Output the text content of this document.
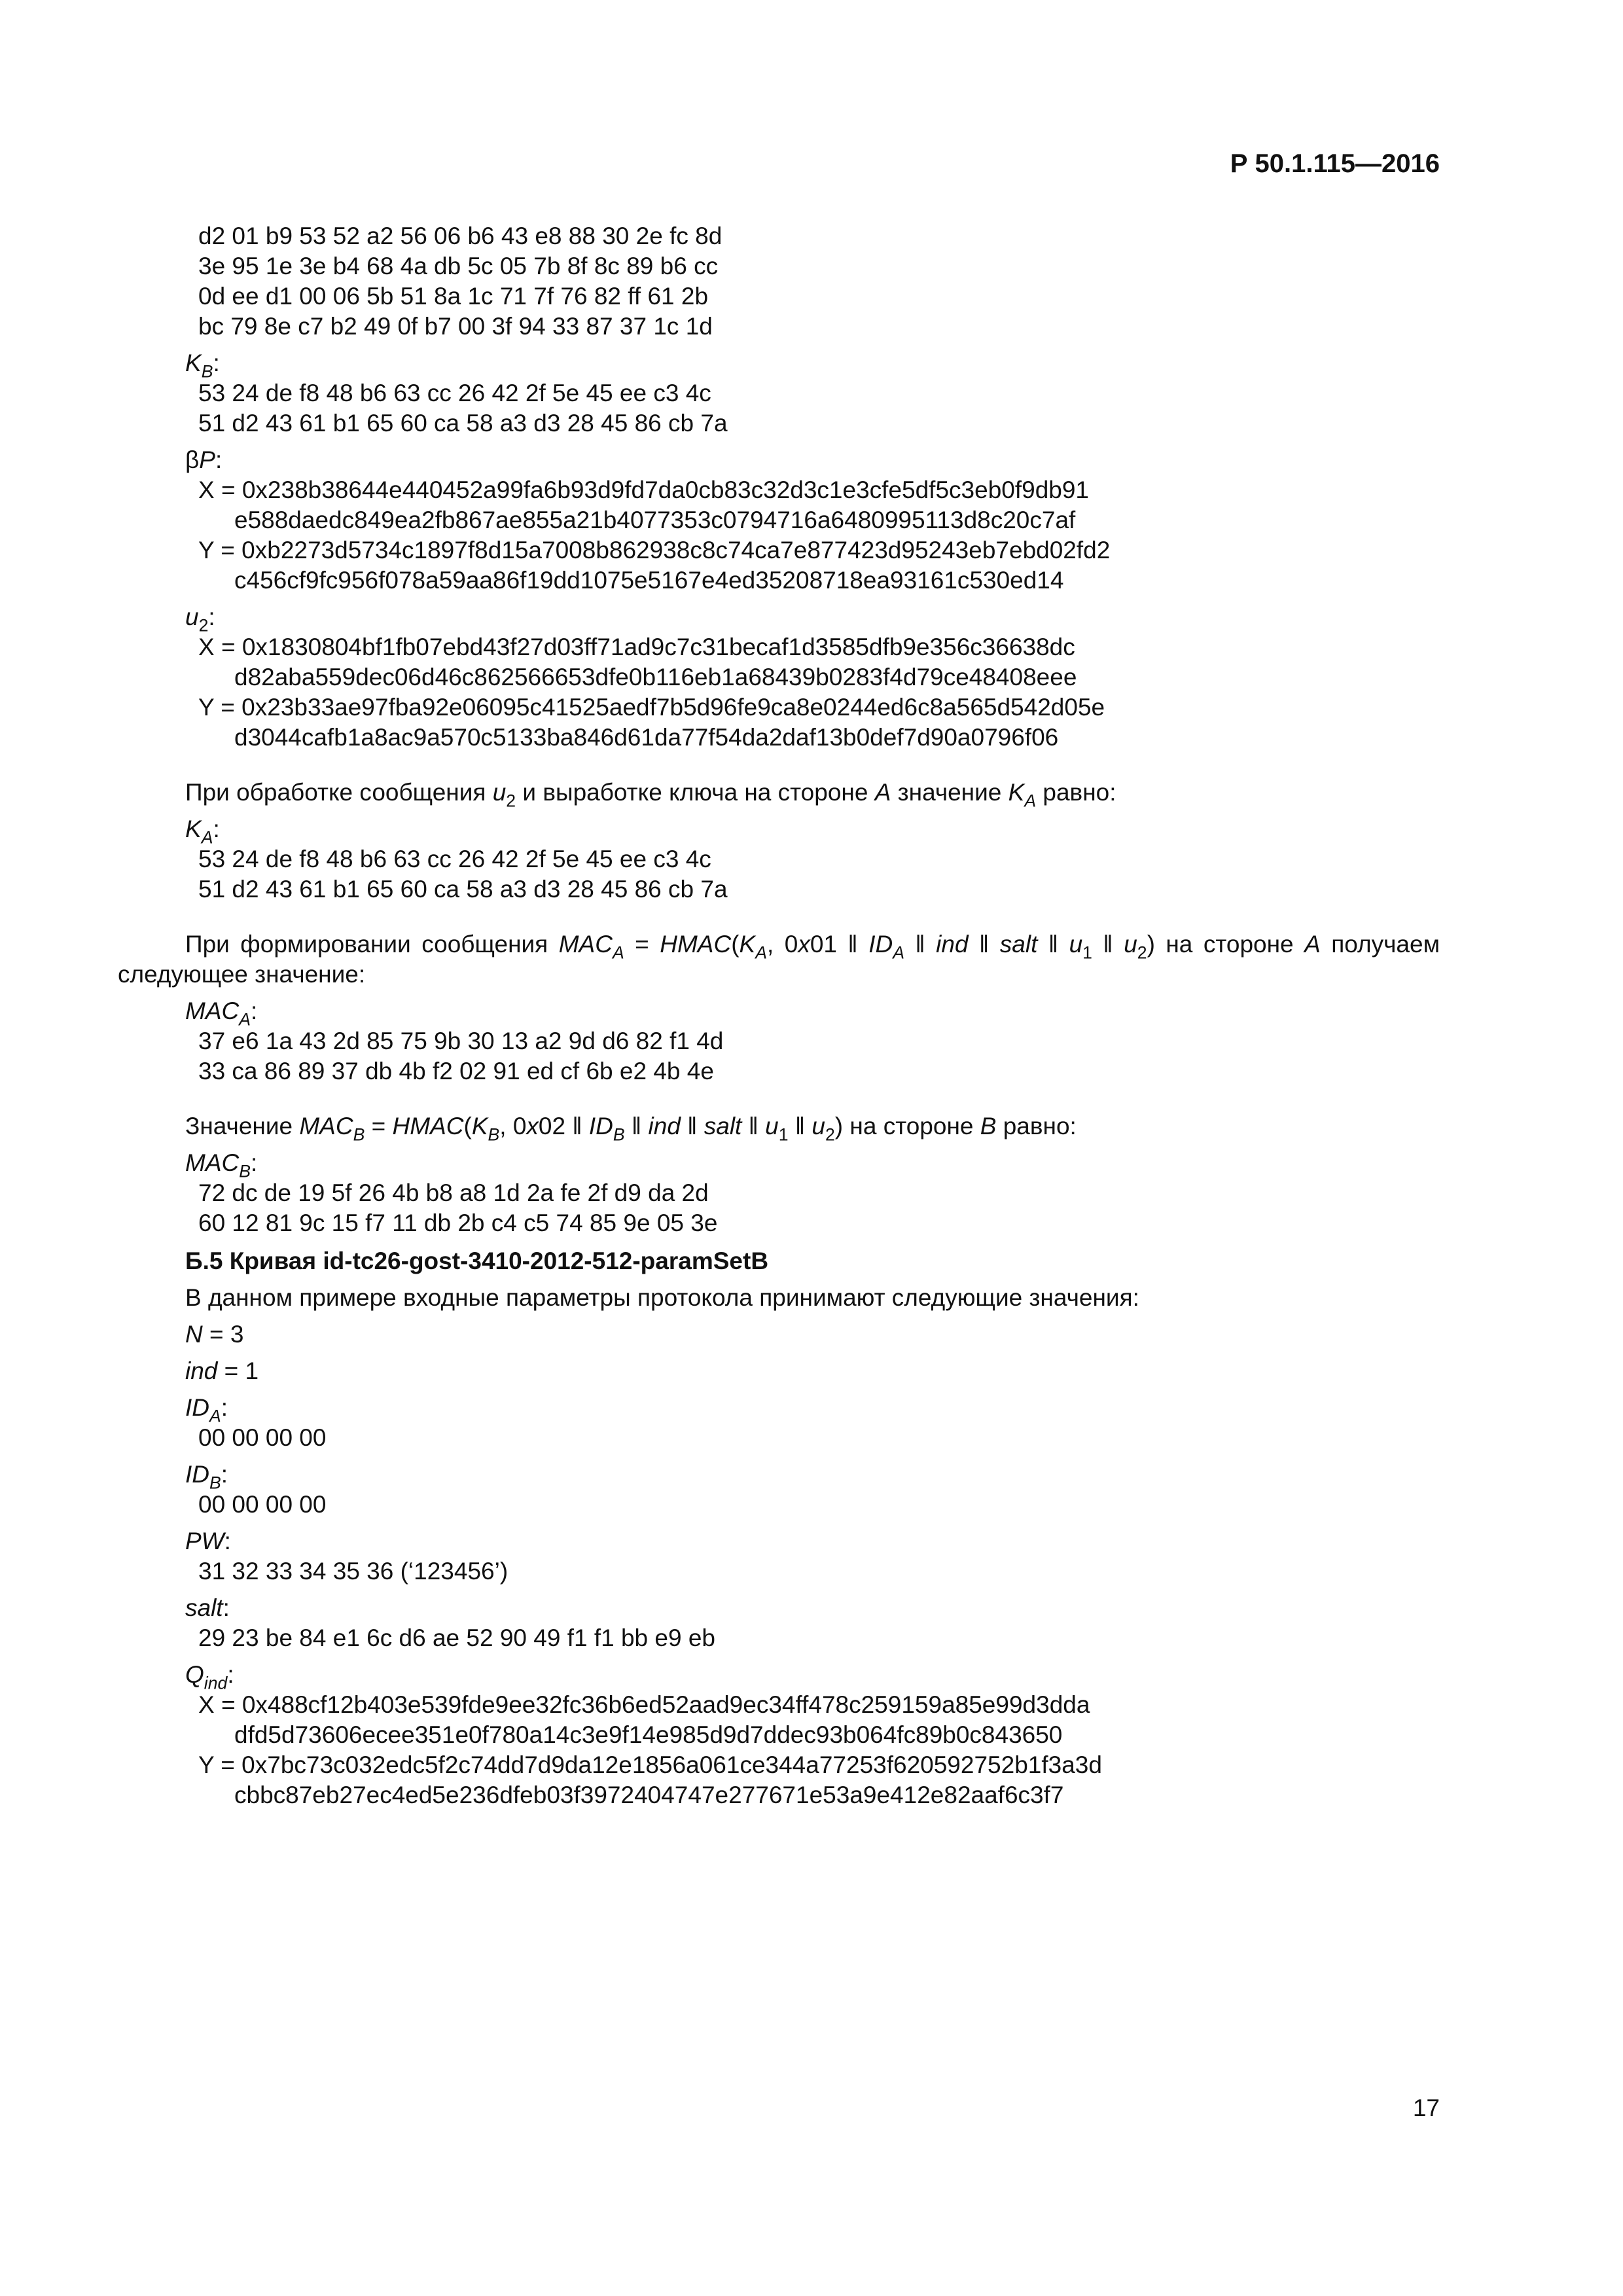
Р 50.1.115—2016
d2 01 b9 53 52 a2 56 06 b6 43 e8 88 30 2e fc 8d
3e 95 1e 3e b4 68 4a db 5c 05 7b 8f 8c 89 b6 cc
0d ee d1 00 06 5b 51 8a 1c 71 7f 76 82 ff 61 2b
bc 79 8e c7 b2 49 0f b7 00 3f 94 33 87 37 1c 1d
$K_B$:
53 24 de f8 48 b6 63 cc 26 42 2f 5e 45 ee c3 4c
51 d2 43 61 b1 65 60 ca 58 a3 d3 28 45 86 cb 7a
βP:
X = 0x238b38644e440452a99fa6b93d9fd7da0cb83c32d3c1e3cfe5df5c3eb0f9db91
e588daedc849ea2fb867ae855a21b4077353c0794716a6480995113d8c20c7af
Y = 0xb2273d5734c1897f8d15a7008b862938c8c74ca7e877423d95243eb7ebd02fd2
c456cf9fc956f078a59aa86f19dd1075e5167e4ed35208718ea93161c530ed14
$u_2$:
X = 0x1830804bf1fb07ebd43f27d03ff71ad9c7c31becaf1d3585dfb9e356c36638dc
d82aba559dec06d46c862566653dfe0b116eb1a68439b0283f4d79ce48408eee
Y = 0x23b33ae97fba92e06095c41525aedf7b5d96fe9ca8e0244ed6c8a565d542d05e
d3044cafb1a8ac9a570c5133ba846d61da77f54da2daf13b0def7d90a0796f06
При обработке сообщения $u_2$ и выработке ключа на стороне A значение $K_A$ равно:
$K_A$:
53 24 de f8 48 b6 63 cc 26 42 2f 5e 45 ee c3 4c
51 d2 43 61 b1 65 60 ca 58 a3 d3 28 45 86 cb 7a
При формировании сообщения $MAC_A$ = $HMAC(K_A$, 0x01 ǁ $ID_A$ ǁ ind ǁ salt ǁ $u_1$ ǁ $u_2$) на стороне A получаем следующее значение:
$MAC_A$:
37 e6 1a 43 2d 85 75 9b 30 13 a2 9d d6 82 f1 4d
33 ca 86 89 37 db 4b f2 02 91 ed cf 6b e2 4b 4e
Значение $MAC_B$ = $HMAC(K_B$, 0x02 ǁ $ID_B$ ǁ ind ǁ salt ǁ $u_1$ ǁ $u_2$) на стороне B равно:
$MAC_B$:
72 dc de 19 5f 26 4b b8 a8 1d 2a fe 2f d9 da 2d
60 12 81 9c 15 f7 11 db 2b c4 c5 74 85 9e 05 3e
Б.5 Кривая id-tc26-gost-3410-2012-512-paramSetB
В данном примере входные параметры протокола принимают следующие значения:
N = 3
ind = 1
$ID_A$:
00 00 00 00
$ID_B$:
00 00 00 00
PW:
31 32 33 34 35 36 (‘123456’)
salt:
29 23 be 84 e1 6c d6 ae 52 90 49 f1 f1 bb e9 eb
$Q_{ind}$:
X = 0x488cf12b403e539fde9ee32fc36b6ed52aad9ec34ff478c259159a85e99d3dda
dfd5d73606ecee351e0f780a14c3e9f14e985d9d7ddec93b064fc89b0c843650
Y = 0x7bc73c032edc5f2c74dd7d9da12e1856a061ce344a77253f620592752b1f3a3d
cbbc87eb27ec4ed5e236dfeb03f3972404747e277671e53a9e412e82aaf6c3f7
17
